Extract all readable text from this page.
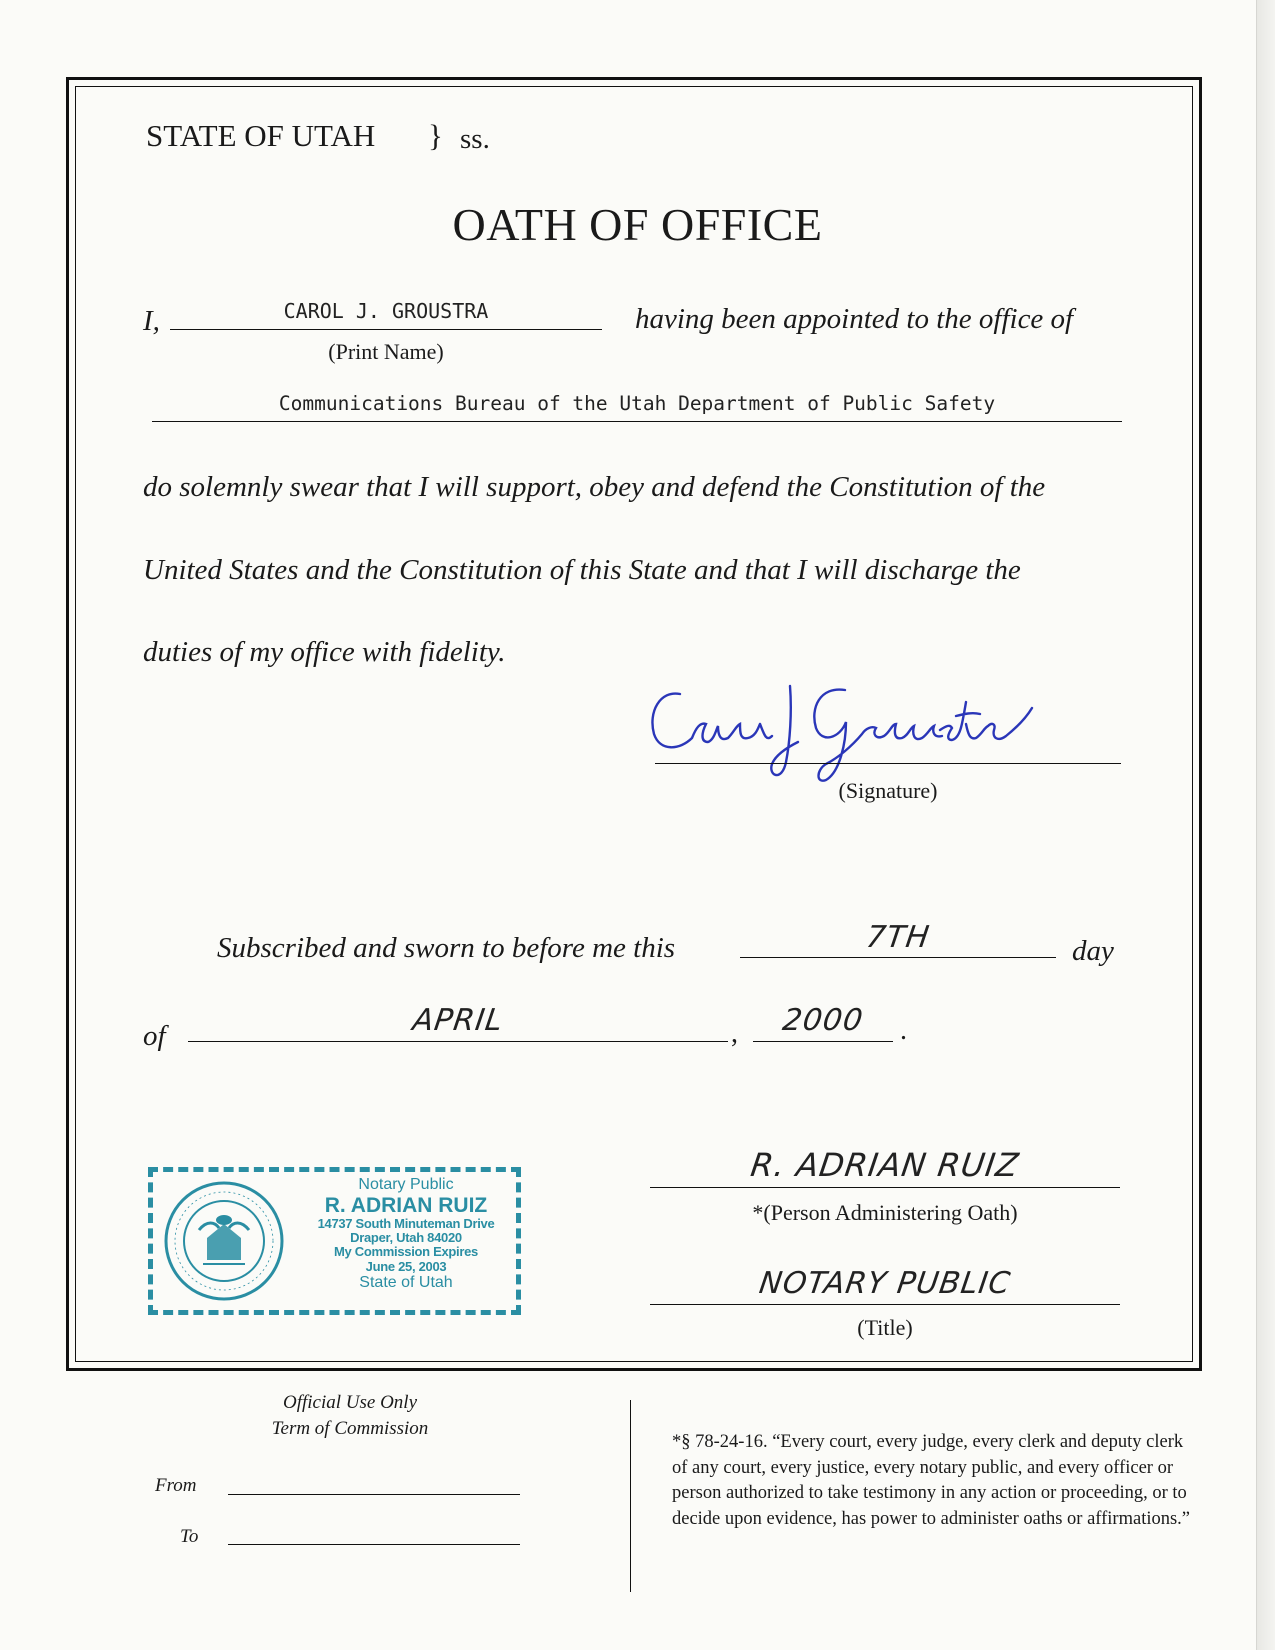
STATE OF UTAH } ss.
OATH OF OFFICE
I,	CAROL J. GROUSTRA
(Print Name)
having been appointed to the office of
Communications Bureau of the Utah Department of Public Safety
do solemnly swear that I will support, obey and defend the Constitution of the
United States and the Constitution of this State and that I will discharge the
duties of my office with fidelity.
(Signature)
Subscribed and sworn to before me this	7TH	day
of	APRIL	,	2000	.
R. ADRIAN RUIZ
*(Person Administering Oath)
NOTARY PUBLIC
(Title)
Notary Public
R. ADRIAN RUIZ
14737 South Minuteman Drive
Draper, Utah 84020
My Commission Expires
June 25, 2003
State of Utah
Official Use Only
Term of Commission
From
To
*§ 78-24-16. “Every court, every judge, every clerk and deputy clerk of any court, every justice, every notary public, and every officer or person authorized to take testimony in any action or proceeding, or to decide upon evidence, has power to administer oaths or affirmations.”
